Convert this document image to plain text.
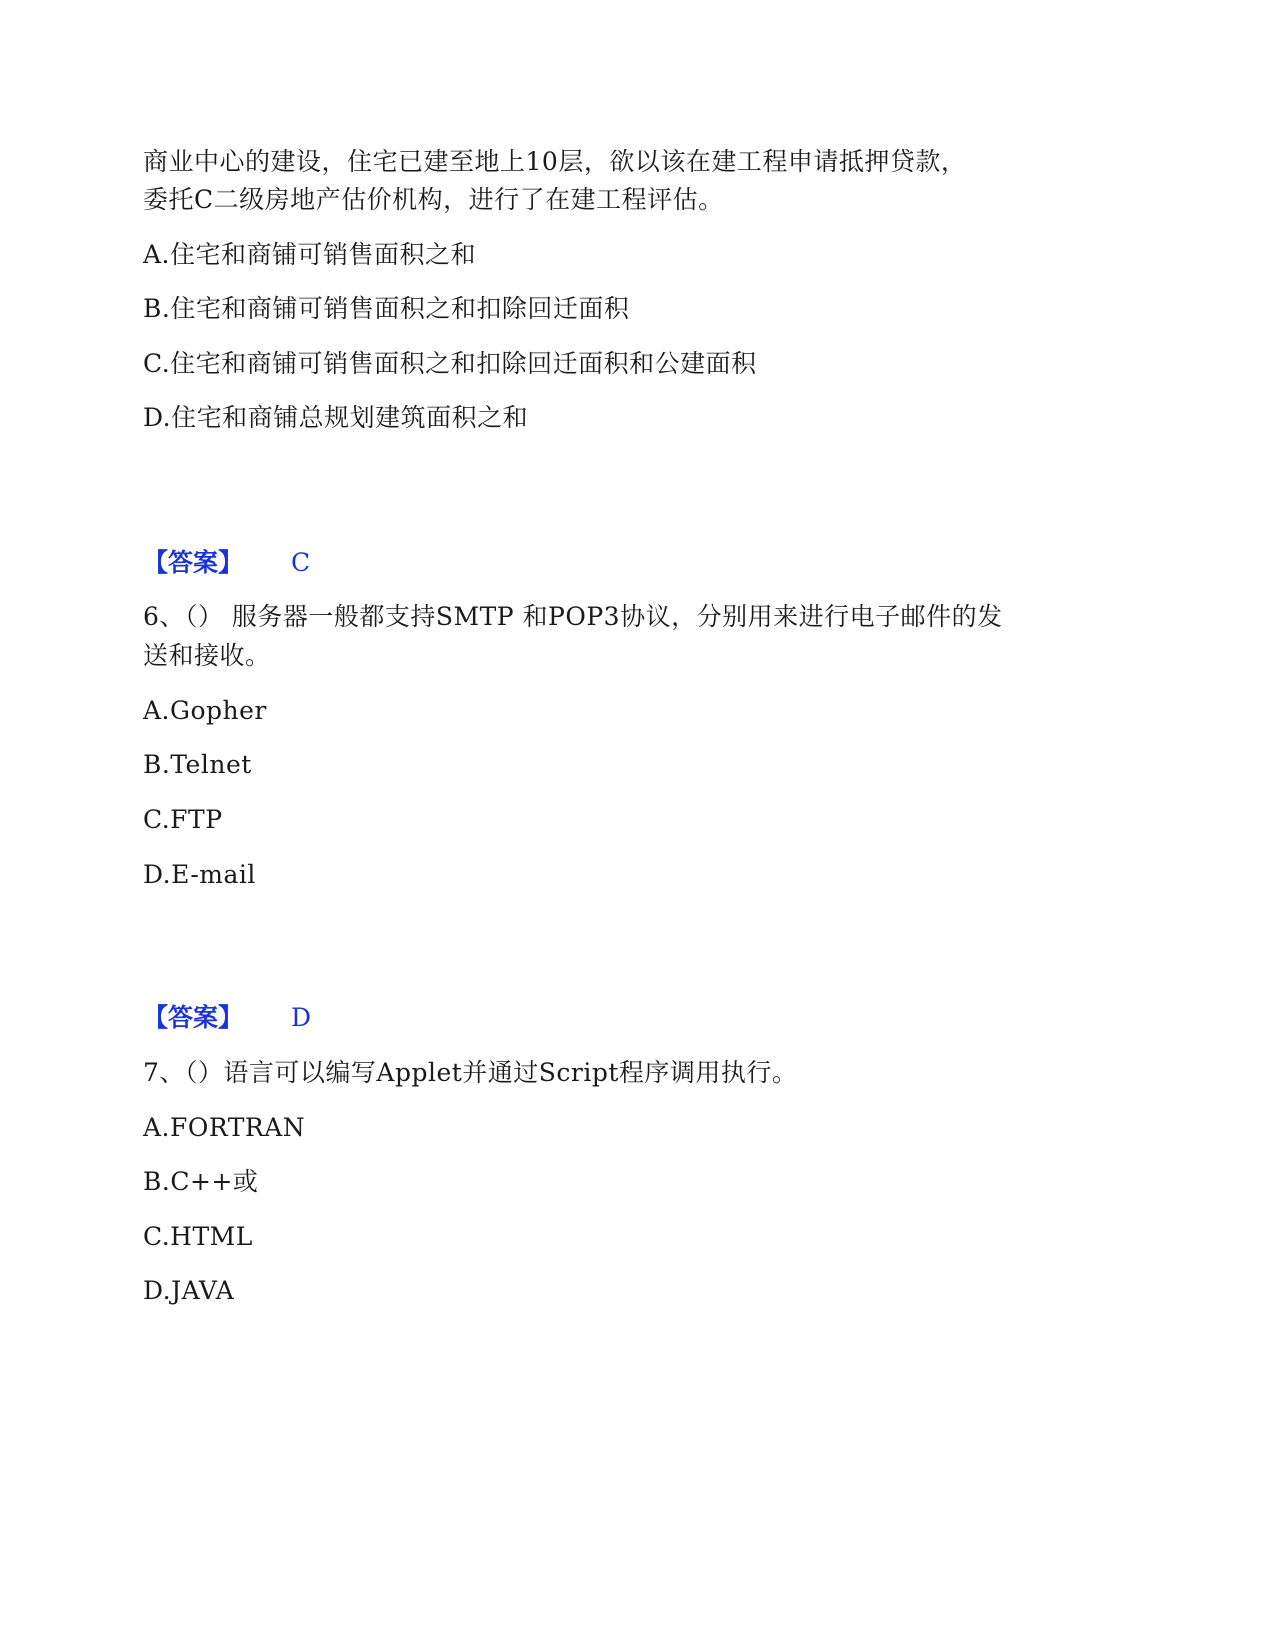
商业中心的建设，住宅已建至地上10层，欲以该在建工程申请抵押贷款，
委托C二级房地产估价机构，进行了在建工程评估。
A.住宅和商铺可销售面积之和
B.住宅和商铺可销售面积之和扣除回迁面积
C.住宅和商铺可销售面积之和扣除回迁面积和公建面积
D.住宅和商铺总规划建筑面积之和
【答案】 C
6、（） 服务器一般都支持SMTP 和POP3协议，分别用来进行电子邮件的发
送和接收。
A.Gopher
B.Telnet
C.FTP
D.E-mail
【答案】 D
7、（）语言可以编写Applet并通过Script程序调用执行。
A.FORTRAN
B.C++或
C.HTML
D.JAVA
